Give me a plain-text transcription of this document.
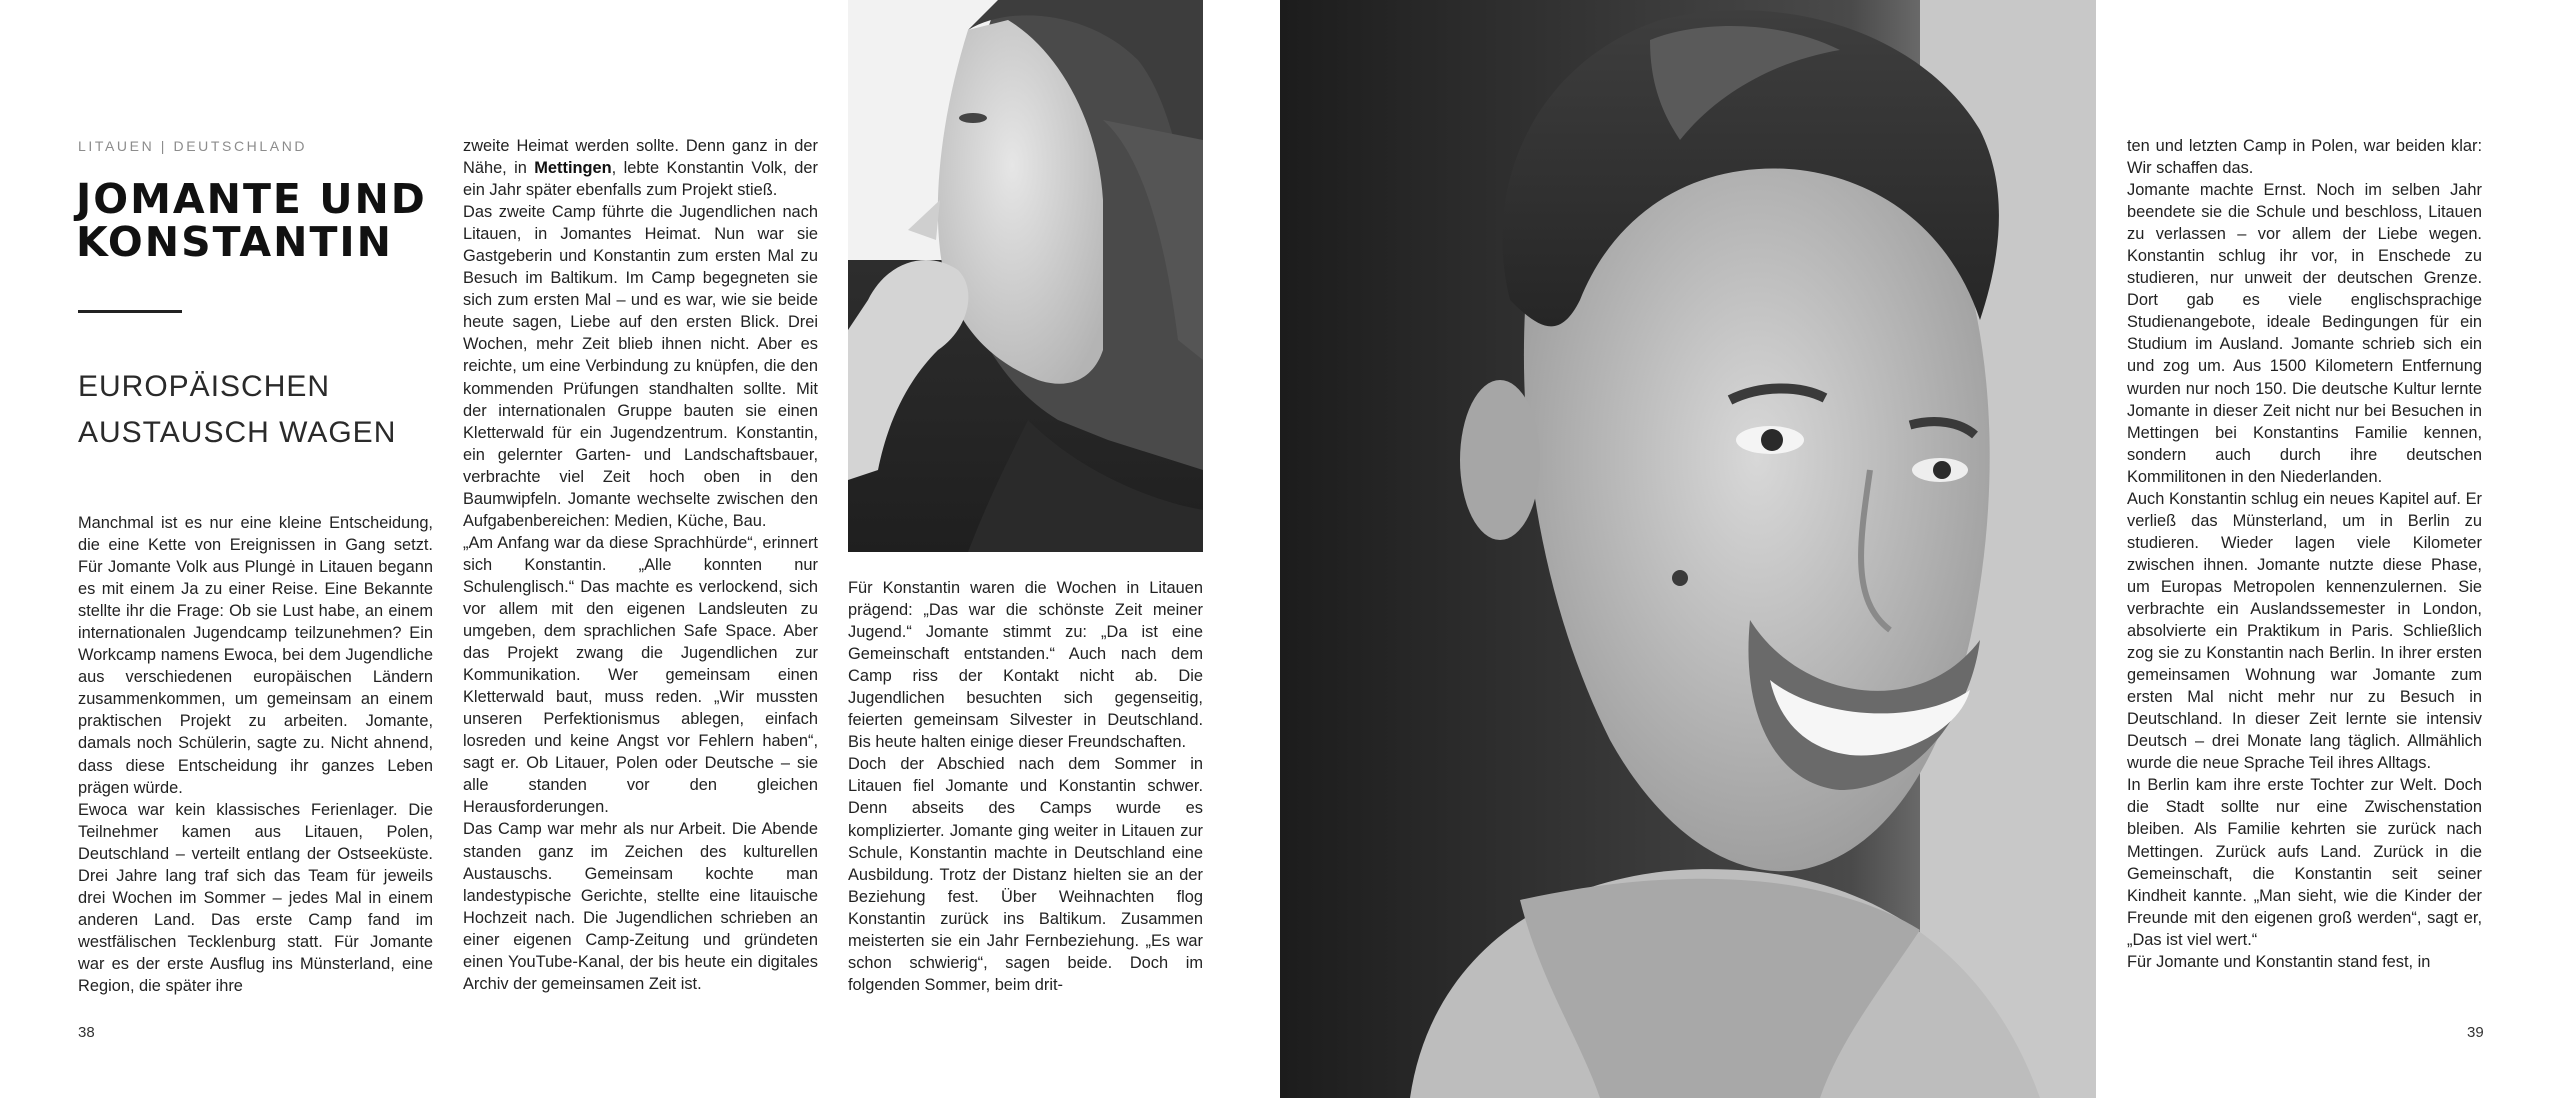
LITAUEN | DEUTSCHLAND
JOMANTE UND
KONSTANTIN
EUROPÄISCHEN
AUSTAUSCH WAGEN

Manchmal ist es nur eine kleine Entscheidung, die eine Kette von Ereignissen in Gang setzt. Für Jomante Volk aus Plungė in Litauen begann es mit einem Ja zu einer Reise. Eine Bekannte stellte ihr die Frage: Ob sie Lust habe, an einem internationalen Jugendcamp teilzunehmen? Ein Workcamp namens Ewoca, bei dem Jugendliche aus verschiedenen europäischen Ländern zusammenkommen, um gemeinsam an einem praktischen Projekt zu arbeiten. Jomante, damals noch Schülerin, sagte zu. Nicht ahnend, dass diese Entscheidung ihr ganzes Leben prägen würde.

Ewoca war kein klassisches Ferienlager. Die Teilnehmer kamen aus Litauen, Polen, Deutschland – verteilt entlang der Ostseeküste. Drei Jahre lang traf sich das Team für jeweils drei Wochen im Sommer – jedes Mal in einem anderen Land. Das erste Camp fand im westfälischen Tecklenburg statt. Für Jomante war es der erste Ausflug ins Münsterland, eine Region, die später ihre

zweite Heimat werden sollte. Denn ganz in der Nähe, in Mettingen, lebte Konstantin Volk, der ein Jahr später ebenfalls zum Projekt stieß.

Das zweite Camp führte die Jugendlichen nach Litauen, in Jomantes Heimat. Nun war sie Gastgeberin und Konstantin zum ersten Mal zu Besuch im Baltikum. Im Camp begegneten sie sich zum ersten Mal – und es war, wie sie beide heute sagen, Liebe auf den ersten Blick. Drei Wochen, mehr Zeit blieb ihnen nicht. Aber es reichte, um eine Verbindung zu knüpfen, die den kommenden Prüfungen standhalten sollte. Mit der internationalen Gruppe bauten sie einen Kletterwald für ein Jugendzentrum. Konstantin, ein gelernter Garten- und Landschaftsbauer, verbrachte viel Zeit hoch oben in den Baumwipfeln. Jomante wechselte zwischen den Aufgabenbereichen: Medien, Küche, Bau.

„Am Anfang war da diese Sprachhürde“, erinnert sich Konstantin. „Alle konnten nur Schulenglisch.“ Das machte es verlockend, sich vor allem mit den eigenen Landsleuten zu umgeben, dem sprachlichen Safe Space. Aber das Projekt zwang die Jugendlichen zur Kommunikation. Wer gemeinsam einen Kletterwald baut, muss reden. „Wir mussten unseren Perfektionismus ablegen, einfach losreden und keine Angst vor Fehlern haben“, sagt er. Ob Litauer, Polen oder Deutsche – sie alle standen vor den gleichen Herausforderungen.

Das Camp war mehr als nur Arbeit. Die Abende standen ganz im Zeichen des kulturellen Austauschs. Gemeinsam kochte man landestypische Gerichte, stellte eine litauische Hochzeit nach. Die Jugendlichen schrieben an einer eigenen Camp-Zeitung und gründeten einen YouTube-Kanal, der bis heute ein digitales Archiv der gemeinsamen Zeit ist.

Für Konstantin waren die Wochen in Litauen prägend: „Das war die schönste Zeit meiner Jugend.“ Jomante stimmt zu: „Da ist eine Gemeinschaft entstanden.“ Auch nach dem Camp riss der Kontakt nicht ab. Die Jugendlichen besuchten sich gegenseitig, feierten gemeinsam Silvester in Deutschland. Bis heute halten einige dieser Freundschaften.

Doch der Abschied nach dem Sommer in Litauen fiel Jomante und Konstantin schwer. Denn abseits des Camps wurde es komplizierter. Jomante ging weiter in Litauen zur Schule, Konstantin machte in Deutschland eine Ausbildung. Trotz der Distanz hielten sie an der Beziehung fest. Über Weihnachten flog Konstantin zurück ins Baltikum. Zusammen meisterten sie ein Jahr Fernbeziehung. „Es war schon schwierig“, sagen beide. Doch im folgenden Sommer, beim drit-

38

ten und letzten Camp in Polen, war beiden klar: Wir schaffen das.

Jomante machte Ernst. Noch im selben Jahr beendete sie die Schule und beschloss, Litauen zu verlassen – vor allem der Liebe wegen. Konstantin schlug ihr vor, in Enschede zu studieren, nur unweit der deutschen Grenze. Dort gab es viele englischsprachige Studienangebote, ideale Bedingungen für ein Studium im Ausland. Jomante schrieb sich ein und zog um. Aus 1500 Kilometern Entfernung wurden nur noch 150. Die deutsche Kultur lernte Jomante in dieser Zeit nicht nur bei Besuchen in Mettingen bei Konstantins Familie kennen, sondern auch durch ihre deutschen Kommilitonen in den Niederlanden.

Auch Konstantin schlug ein neues Kapitel auf. Er verließ das Münsterland, um in Berlin zu studieren. Wieder lagen viele Kilometer zwischen ihnen. Jomante nutzte diese Phase, um Europas Metropolen kennenzulernen. Sie verbrachte ein Auslandssemester in London, absolvierte ein Praktikum in Paris. Schließlich zog sie zu Konstantin nach Berlin. In ihrer ersten gemeinsamen Wohnung war Jomante zum ersten Mal nicht mehr nur zu Besuch in Deutschland. In dieser Zeit lernte sie intensiv Deutsch – drei Monate lang täglich. Allmählich wurde die neue Sprache Teil ihres Alltags.

In Berlin kam ihre erste Tochter zur Welt. Doch die Stadt sollte nur eine Zwischenstation bleiben. Als Familie kehrten sie zurück nach Mettingen. Zurück aufs Land. Zurück in die Gemeinschaft, die Konstantin seit seiner Kindheit kannte. „Man sieht, wie die Kinder der Freunde mit den eigenen groß werden“, sagt er, „Das ist viel wert.“

Für Jomante und Konstantin stand fest, in

39
